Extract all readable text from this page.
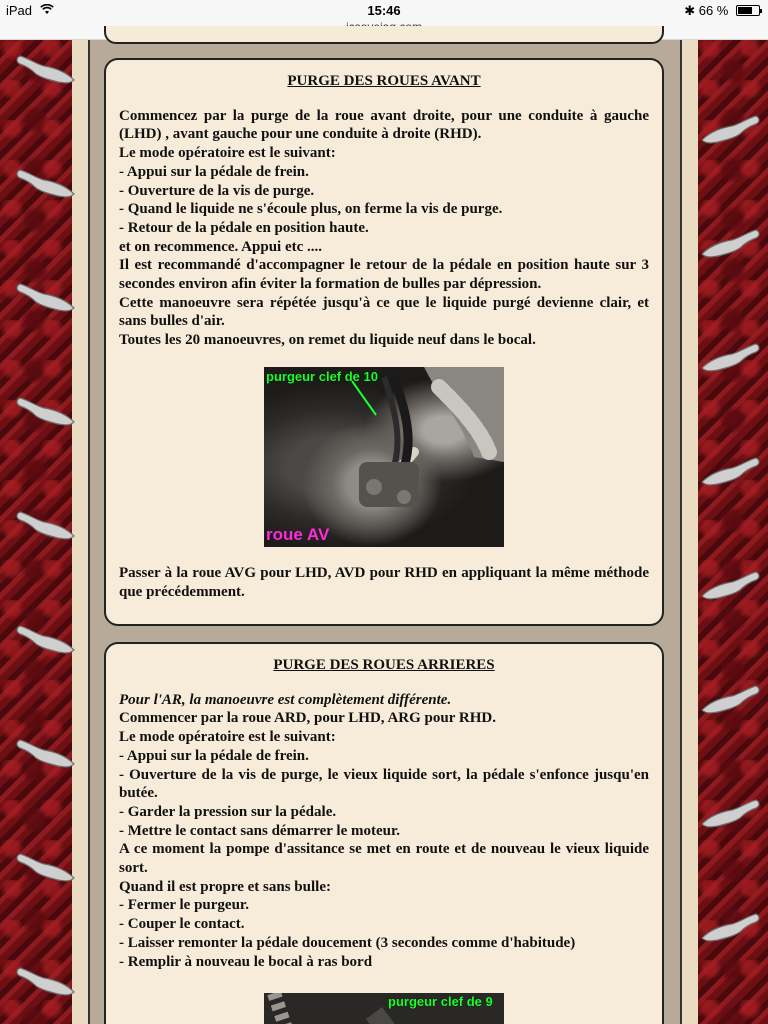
iPad	15:46	✱ 66 %
PURGE DES ROUES AVANT
Commencez par la purge de la roue avant droite, pour une conduite à gauche (LHD) , avant gauche pour une conduite à droite (RHD).
Le mode opératoire est le suivant:
- Appui sur la pédale de frein.
- Ouverture de la vis de purge.
- Quand le liquide ne s'écoule plus, on ferme la vis de purge.
- Retour de la pédale en position haute.
et on recommence. Appui etc ....
Il est recommandé d'accompagner le retour de la pédale en position haute sur 3 secondes environ afin éviter la formation de bulles par dépression.
Cette manoeuvre sera répétée jusqu'à ce que le liquide purgé devienne clair, et sans bulles d'air.
Toutes les 20 manoeuvres, on remet du liquide neuf dans le bocal.
purgeur clef de 10
roue AV
Passer à la roue AVG pour LHD, AVD pour RHD en appliquant la même méthode que précédemment.
PURGE DES ROUES ARRIERES
Pour l'AR, la manoeuvre est complètement différente.
Commencer par la roue ARD, pour LHD, ARG pour RHD.
Le mode opératoire est le suivant:
- Appui sur la pédale de frein.
- Ouverture de la vis de purge, le vieux liquide sort, la pédale s'enfonce jusqu'en butée.
- Garder la pression sur la pédale.
- Mettre le contact sans démarrer le moteur.
A ce moment la pompe d'assitance se met en route et de nouveau le vieux liquide sort.
Quand il est propre et sans bulle:
- Fermer le purgeur.
- Couper le contact.
- Laisser remonter la pédale doucement (3 secondes comme d'habitude)
- Remplir à nouveau le bocal à ras bord
purgeur clef de 9
